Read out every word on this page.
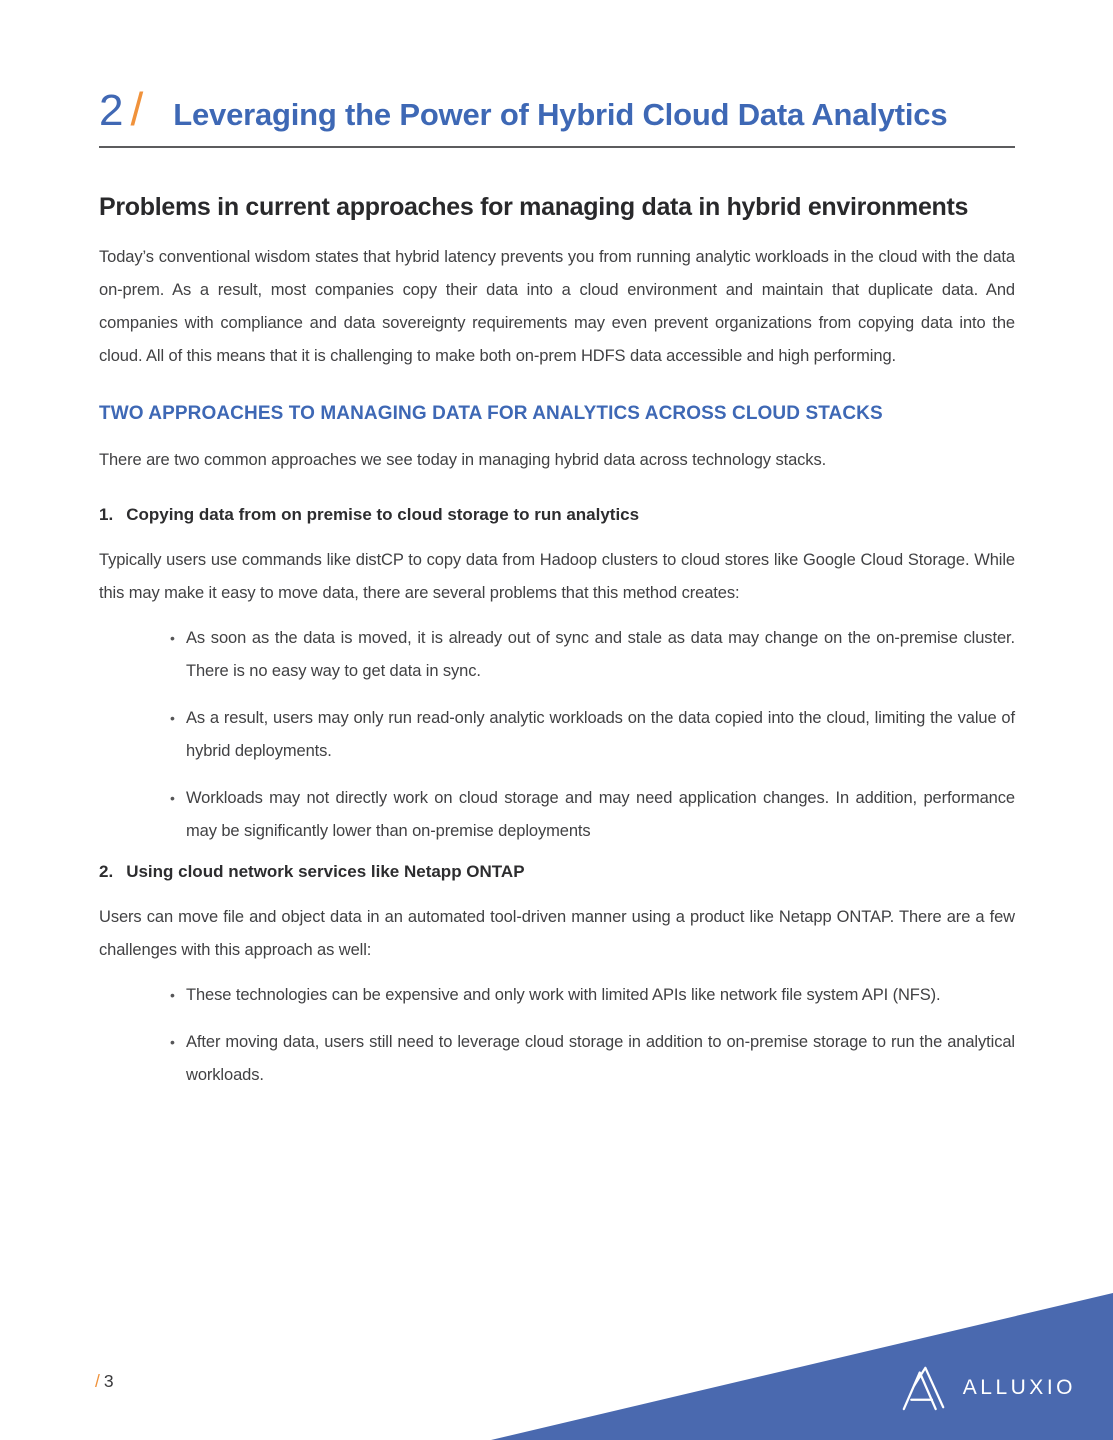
2 / Leveraging the Power of Hybrid Cloud Data Analytics
Problems in current approaches for managing data in hybrid environments

Today’s conventional wisdom states that hybrid latency prevents you from running analytic workloads in the cloud with the data on-prem. As a result, most companies copy their data into a cloud environment and maintain that duplicate data. And companies with compliance and data sovereignty requirements may even prevent organizations from copying data into the cloud. All of this means that it is challenging to make both on-prem HDFS data accessible and high performing.

TWO APPROACHES TO MANAGING DATA FOR ANALYTICS ACROSS CLOUD STACKS

There are two common approaches we see today in managing hybrid data across technology stacks.

1. Copying data from on premise to cloud storage to run analytics

Typically users use commands like distCP to copy data from Hadoop clusters to cloud stores like Google Cloud Storage. While this may make it easy to move data, there are several problems that this method creates:

• As soon as the data is moved, it is already out of sync and stale as data may change on the on-premise cluster. There is no easy way to get data in sync.
• As a result, users may only run read-only analytic workloads on the data copied into the cloud, limiting the value of hybrid deployments.
• Workloads may not directly work on cloud storage and may need application changes. In addition, performance may be significantly lower than on-premise deployments

2. Using cloud network services like Netapp ONTAP

Users can move file and object data in an automated tool-driven manner using a product like Netapp ONTAP. There are a few challenges with this approach as well:

• These technologies can be expensive and only work with limited APIs like network file system API (NFS).
• After moving data, users still need to leverage cloud storage in addition to on-premise storage to run the analytical workloads.
/ 3	ALLUXIO
